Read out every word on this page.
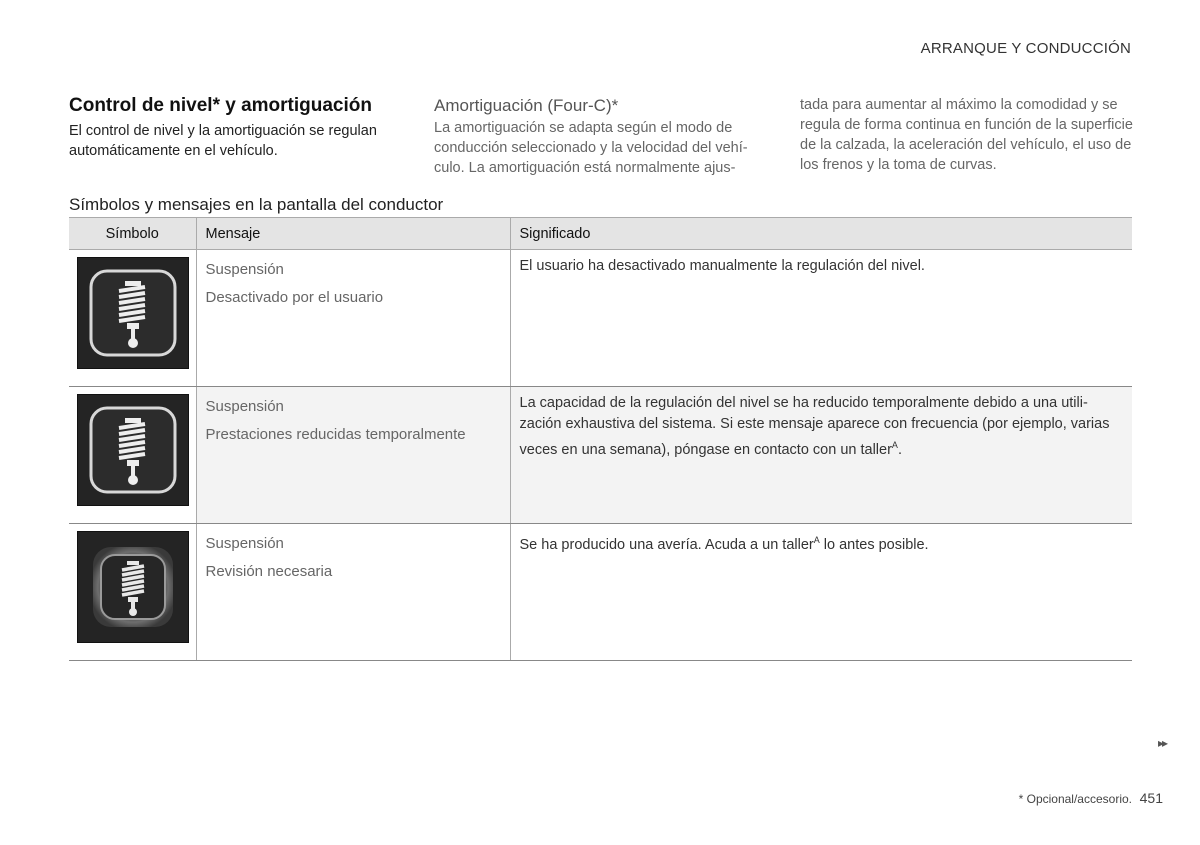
ARRANQUE Y CONDUCCIÓN
Control de nivel* y amortiguación
El control de nivel y la amortiguación se regulan automáticamente en el vehículo.
Amortiguación (Four-C)*
La amortiguación se adapta según el modo de conducción seleccionado y la velocidad del vehículo. La amortiguación está normalmente ajus-
tada para aumentar al máximo la comodidad y se regula de forma continua en función de la superficie de la calzada, la aceleración del vehículo, el uso de los frenos y la toma de curvas.
Símbolos y mensajes en la pantalla del conductor
Símbolo	Mensaje	Significado

Suspensión
Desactivado por el usuario	El usuario ha desactivado manualmente la regulación del nivel.

Suspensión
Prestaciones reducidas temporalmente	La capacidad de la regulación del nivel se ha reducido temporalmente debido a una utilización exhaustiva del sistema. Si este mensaje aparece con frecuencia (por ejemplo, varias veces en una semana), póngase en contacto con un taller$^A$.

Suspensión
Revisión necesaria	Se ha producido una avería. Acuda a un taller$^A$ lo antes posible.
▸▸
* Opcional/accesorio. 451
